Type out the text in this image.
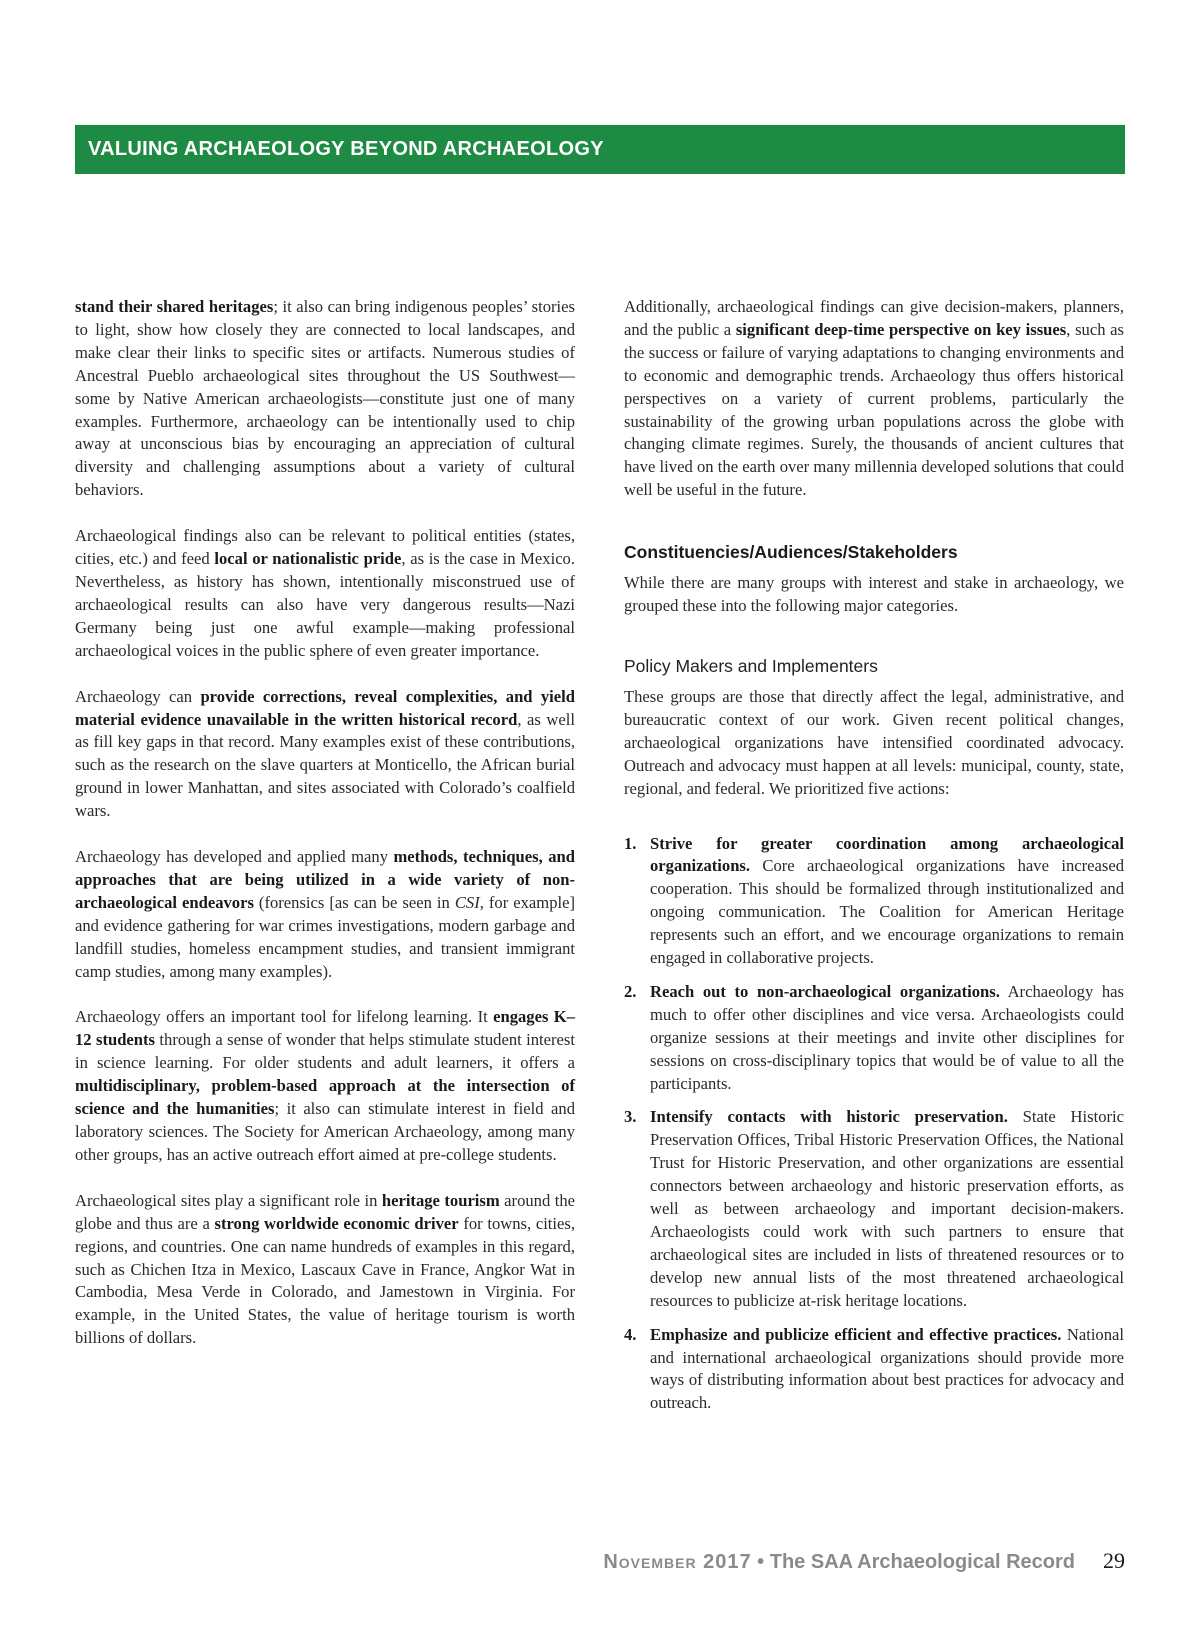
VALUING ARCHAEOLOGY BEYOND ARCHAEOLOGY

stand their shared heritages; it also can bring indigenous peoples’ stories to light, show how closely they are connected to local landscapes, and make clear their links to specific sites or artifacts. Numerous studies of Ancestral Pueblo archaeological sites throughout the US Southwest—some by Native American archaeologists—constitute just one of many examples. Furthermore, archaeology can be intentionally used to chip away at unconscious bias by encouraging an appreciation of cultural diversity and challenging assumptions about a variety of cultural behaviors.

Archaeological findings also can be relevant to political entities (states, cities, etc.) and feed local or nationalistic pride, as is the case in Mexico. Nevertheless, as history has shown, intentionally misconstrued use of archaeological results can also have very dangerous results—Nazi Germany being just one awful example—making professional archaeological voices in the public sphere of even greater importance.

Archaeology can provide corrections, reveal complexities, and yield material evidence unavailable in the written historical record, as well as fill key gaps in that record. Many examples exist of these contributions, such as the research on the slave quarters at Monticello, the African burial ground in lower Manhattan, and sites associated with Colorado’s coalfield wars.

Archaeology has developed and applied many methods, techniques, and approaches that are being utilized in a wide variety of non-archaeological endeavors (forensics [as can be seen in CSI, for example] and evidence gathering for war crimes investigations, modern garbage and landfill studies, homeless encampment studies, and transient immigrant camp studies, among many examples).

Archaeology offers an important tool for lifelong learning. It engages K–12 students through a sense of wonder that helps stimulate student interest in science learning. For older students and adult learners, it offers a multidisciplinary, problem-based approach at the intersection of science and the humanities; it also can stimulate interest in field and laboratory sciences. The Society for American Archaeology, among many other groups, has an active outreach effort aimed at pre-college students.

Archaeological sites play a significant role in heritage tourism around the globe and thus are a strong worldwide economic driver for towns, cities, regions, and countries. One can name hundreds of examples in this regard, such as Chichen Itza in Mexico, Lascaux Cave in France, Angkor Wat in Cambodia, Mesa Verde in Colorado, and Jamestown in Virginia. For example, in the United States, the value of heritage tourism is worth billions of dollars.

Additionally, archaeological findings can give decision-makers, planners, and the public a significant deep-time perspective on key issues, such as the success or failure of varying adaptations to changing environments and to economic and demographic trends. Archaeology thus offers historical perspectives on a variety of current problems, particularly the sustainability of the growing urban populations across the globe with changing climate regimes. Surely, the thousands of ancient cultures that have lived on the earth over many millennia developed solutions that could well be useful in the future.

Constituencies/Audiences/Stakeholders

While there are many groups with interest and stake in archaeology, we grouped these into the following major categories.

Policy Makers and Implementers

These groups are those that directly affect the legal, administrative, and bureaucratic context of our work. Given recent political changes, archaeological organizations have intensified coordinated advocacy. Outreach and advocacy must happen at all levels: municipal, county, state, regional, and federal. We prioritized five actions:

1. Strive for greater coordination among archaeological organizations. Core archaeological organizations have increased cooperation. This should be formalized through institutionalized and ongoing communication. The Coalition for American Heritage represents such an effort, and we encourage organizations to remain engaged in collaborative projects.
2. Reach out to non-archaeological organizations. Archaeology has much to offer other disciplines and vice versa. Archaeologists could organize sessions at their meetings and invite other disciplines for sessions on cross-disciplinary topics that would be of value to all the participants.
3. Intensify contacts with historic preservation. State Historic Preservation Offices, Tribal Historic Preservation Offices, the National Trust for Historic Preservation, and other organizations are essential connectors between archaeology and historic preservation efforts, as well as between archaeology and important decision-makers. Archaeologists could work with such partners to ensure that archaeological sites are included in lists of threatened resources or to develop new annual lists of the most threatened archaeological resources to publicize at-risk heritage locations.
4. Emphasize and publicize efficient and effective practices. National and international archaeological organizations should provide more ways of distributing information about best practices for advocacy and outreach.
November 2017 • The SAA Archaeological Record 29
